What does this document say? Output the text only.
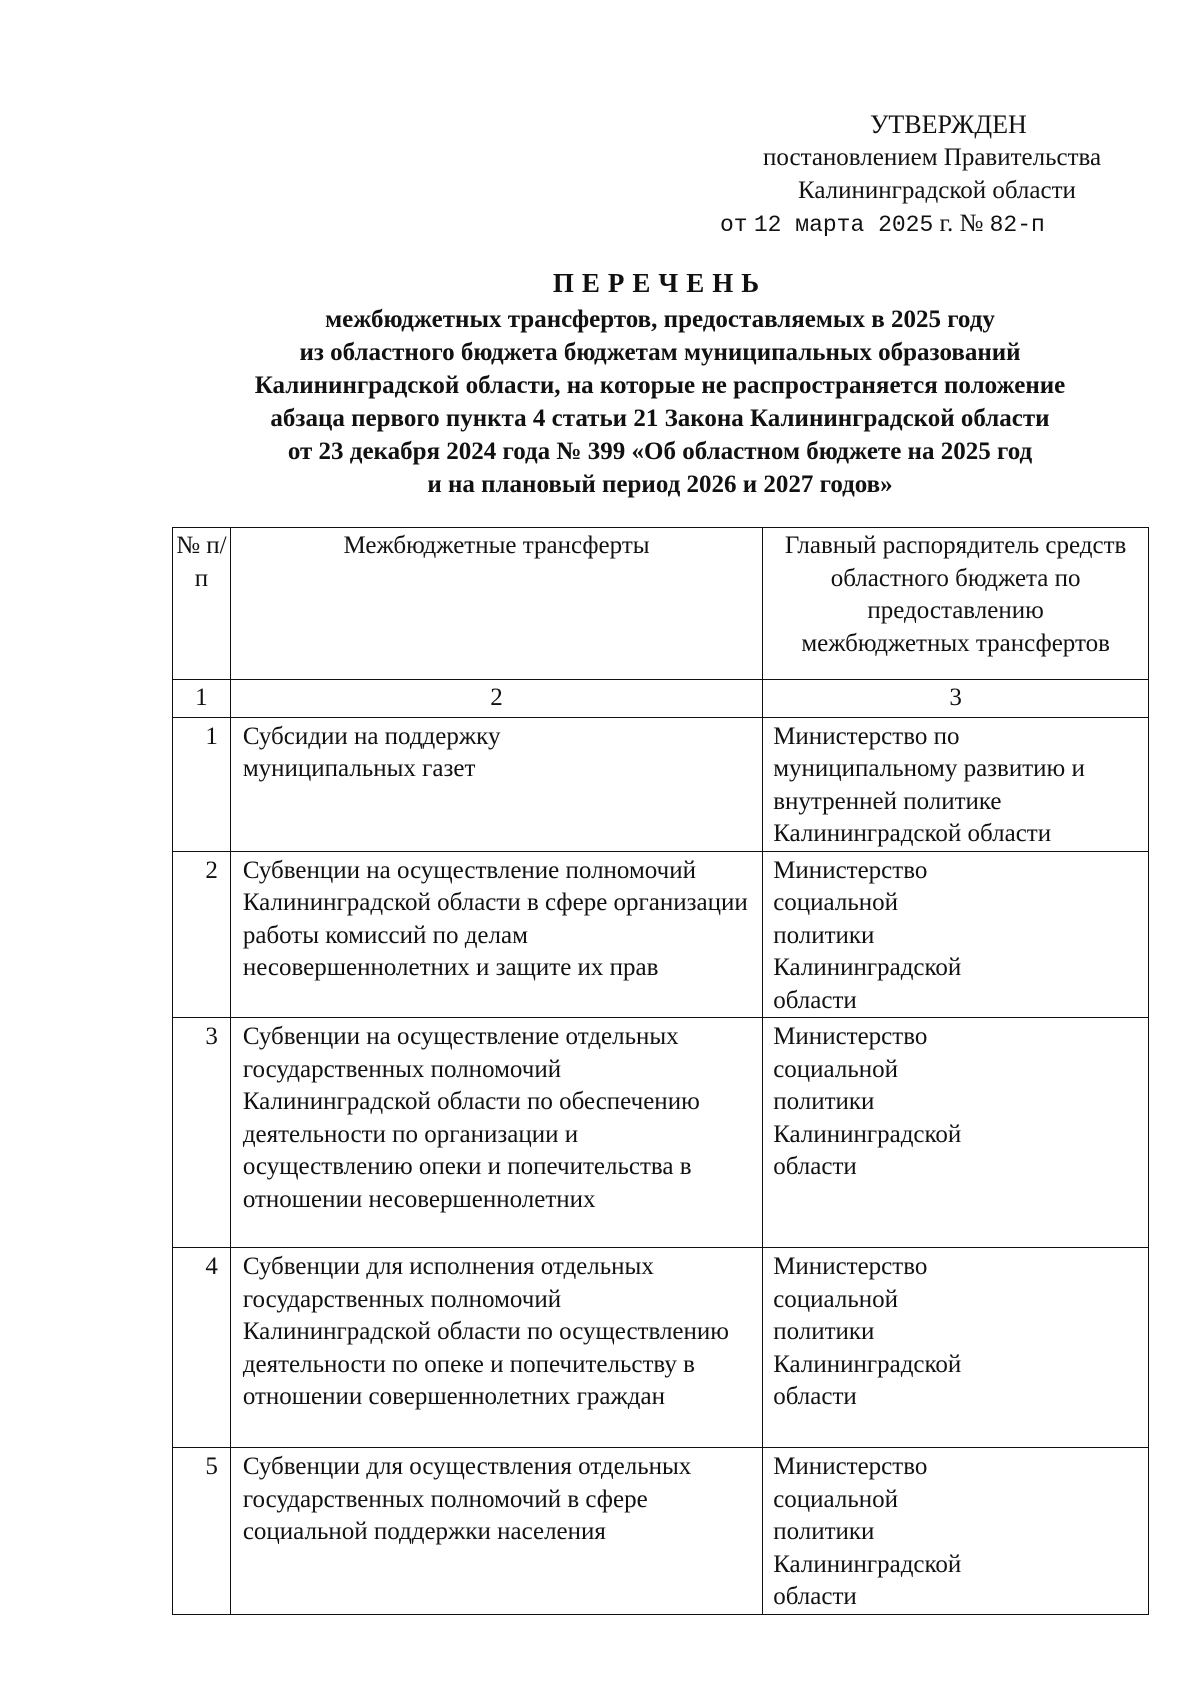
УТВЕРЖДЕН
постановлением Правительства
Калининградской области
от 12 марта 2025 г. № 82-п
ПЕРЕЧЕНЬ
межбюджетных трансфертов, предоставляемых в 2025 году
из областного бюджета бюджетам муниципальных образований
Калининградской области, на которые не распространяется положение
абзаца первого пункта 4 статьи 21 Закона Калининградской области
от 23 декабря 2024 года № 399 «Об областном бюджете на 2025 год
и на плановый период 2026 и 2027 годов»
№ п/п	Межбюджетные трансферты	Главный распорядитель средств областного бюджета по предоставлению межбюджетных трансфертов
1	2	3
1	Субсидии на поддержку муниципальных газет	Министерство по муниципальному развитию и внутренней политике Калининградской области
2	Субвенции на осуществление полномочий Калининградской области в сфере организации работы комиссий по делам несовершеннолетних и защите их прав	Министерство социальной политики Калининградской области
3	Субвенции на осуществление отдельных государственных полномочий Калининградской области по обеспечению деятельности по организации и осуществлению опеки и попечительства в отношении несовершеннолетних	Министерство социальной политики Калининградской области
4	Субвенции для исполнения отдельных государственных полномочий Калининградской области по осуществлению деятельности по опеке и попечительству в отношении совершеннолетних граждан	Министерство социальной политики Калининградской области
5	Субвенции для осуществления отдельных государственных полномочий в сфере социальной поддержки населения	Министерство социальной политики Калининградской области
